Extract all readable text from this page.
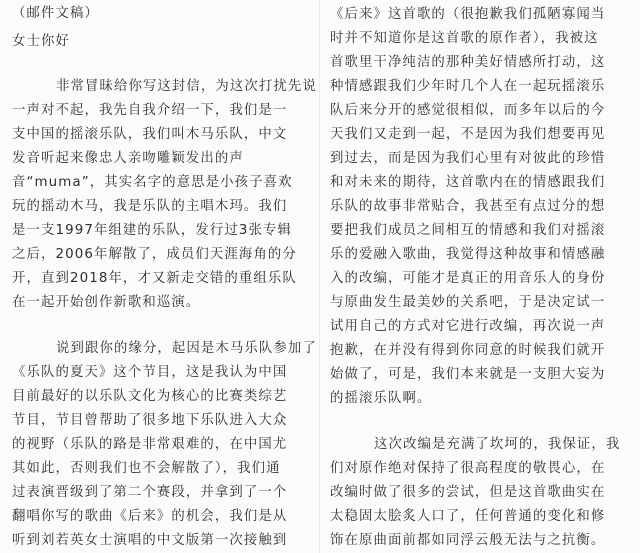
（邮件文稿）
女士你好
非常冒昧给你写这封信，为这次打扰先说
一声对不起，我先自我介绍一下，我们是一
支中国的摇滚乐队，我们叫木马乐队，中文
发音听起来像忠人亲吻雕颖发出的声
音“muma”，其实名字的意思是小孩子喜欢
玩的摇动木马，我是乐队的主唱木玛。我们
是一支1997年组建的乐队，发行过3张专辑
之后，2006年解散了，成员们天涯海角的分
开，直到2018年，才又新走交错的重组乐队
在一起开始创作新歌和巡演。
说到跟你的缘分，起因是木马乐队参加了
《乐队的夏天》这个节目，这是我认为中国
目前最好的以乐队文化为核心的比赛类综艺
节目，节目曾帮助了很多地下乐队进入大众
的视野（乐队的路是非常艰难的，在中国尤
其如此，否则我们也不会解散了），我们通
过表演晋级到了第二个赛段，并拿到了一个
翻唱你写的歌曲《后来》的机会，我们是从
听到刘若英女士演唱的中文版第一次接触到
《后来》这首歌的（很抱歉我们孤陋寡闻当
时并不知道你是这首歌的原作者），我被这
首歌里干净纯洁的那种美好情感所打动，这
种情感跟我们少年时几个人在一起玩摇滚乐
队后来分开的感觉很相似，而多年以后的今
天我们又走到一起，不是因为我们想要再见
到过去，而是因为我们心里有对彼此的珍惜
和对未来的期待，这首歌内在的情感跟我们
乐队的故事非常贴合，我甚至有点过分的想
要把我们成员之间相互的情感和我们对摇滚
乐的爱融入歌曲，我觉得这种故事和情感融
入的改编，可能才是真正的用音乐人的身份
与原曲发生最美妙的关系吧，于是决定试一
试用自己的方式对它进行改编，再次说一声
抱歉，在并没有得到你同意的时候我们就开
始做了，可是，我们本来就是一支胆大妄为
的摇滚乐队啊。
这次改编是充满了坎坷的，我保证，我
们对原作绝对保持了很高程度的敬畏心，在
改编时做了很多的尝试，但是这首歌曲实在
太稳固太脍炙人口了，任何普通的变化和修
饰在原曲面前都如同浮云般无法与之抗衡。
